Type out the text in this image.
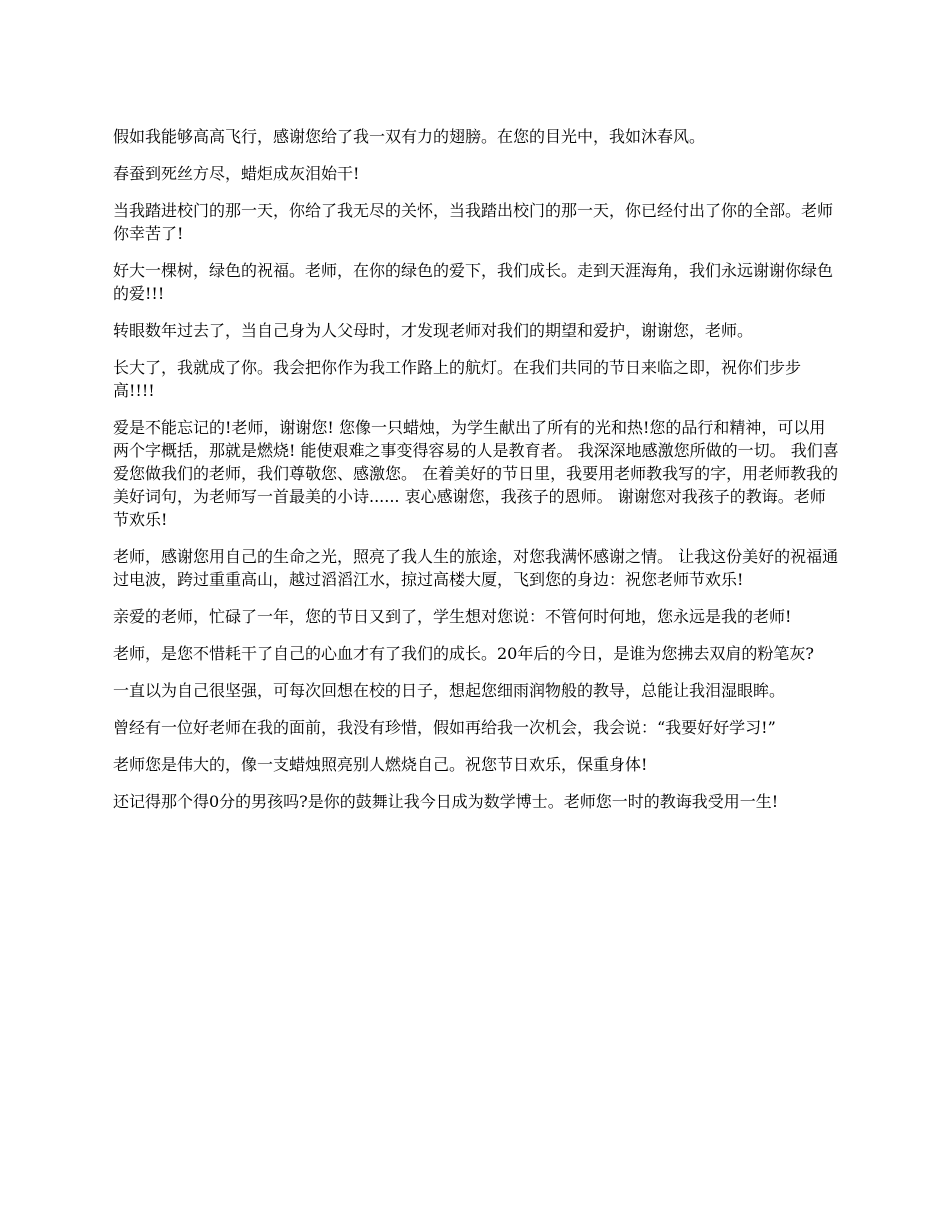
假如我能够高高飞行，感谢您给了我一双有力的翅膀。在您的目光中，我如沐春风。

春蚕到死丝方尽，蜡炬成灰泪始干!

当我踏进校门的那一天，你给了我无尽的关怀，当我踏出校门的那一天，你已经付出了你的全部。老师你幸苦了!

好大一棵树，绿色的祝福。老师，在你的绿色的爱下，我们成长。走到天涯海角，我们永远谢谢你绿色的爱!!!

转眼数年过去了，当自己身为人父母时，才发现老师对我们的期望和爱护，谢谢您，老师。

长大了，我就成了你。我会把你作为我工作路上的航灯。在我们共同的节日来临之即，祝你们步步高!!!!

爱是不能忘记的!老师，谢谢您! 您像一只蜡烛，为学生献出了所有的光和热!您的品行和精神，可以用两个字概括，那就是燃烧! 能使艰难之事变得容易的人是教育者。 我深深地感激您所做的一切。 我们喜爱您做我们的老师，我们尊敬您、感激您。 在着美好的节日里，我要用老师教我写的字，用老师教我的美好词句，为老师写一首最美的小诗...... 衷心感谢您，我孩子的恩师。 谢谢您对我孩子的教诲。老师节欢乐!

老师，感谢您用自己的生命之光，照亮了我人生的旅途，对您我满怀感谢之情。 让我这份美好的祝福通过电波，跨过重重高山，越过滔滔江水，掠过高楼大厦，飞到您的身边：祝您老师节欢乐!

亲爱的老师，忙碌了一年，您的节日又到了，学生想对您说：不管何时何地，您永远是我的老师!

老师，是您不惜耗干了自己的心血才有了我们的成长。20年后的今日，是谁为您拂去双肩的粉笔灰?

一直以为自己很坚强，可每次回想在校的日子，想起您细雨润物般的教导，总能让我泪湿眼眸。

曾经有一位好老师在我的面前，我没有珍惜，假如再给我一次机会，我会说：“我要好好学习!”

老师您是伟大的，像一支蜡烛照亮别人燃烧自己。祝您节日欢乐，保重身体!

还记得那个得0分的男孩吗?是你的鼓舞让我今日成为数学博士。老师您一时的教诲我受用一生!
